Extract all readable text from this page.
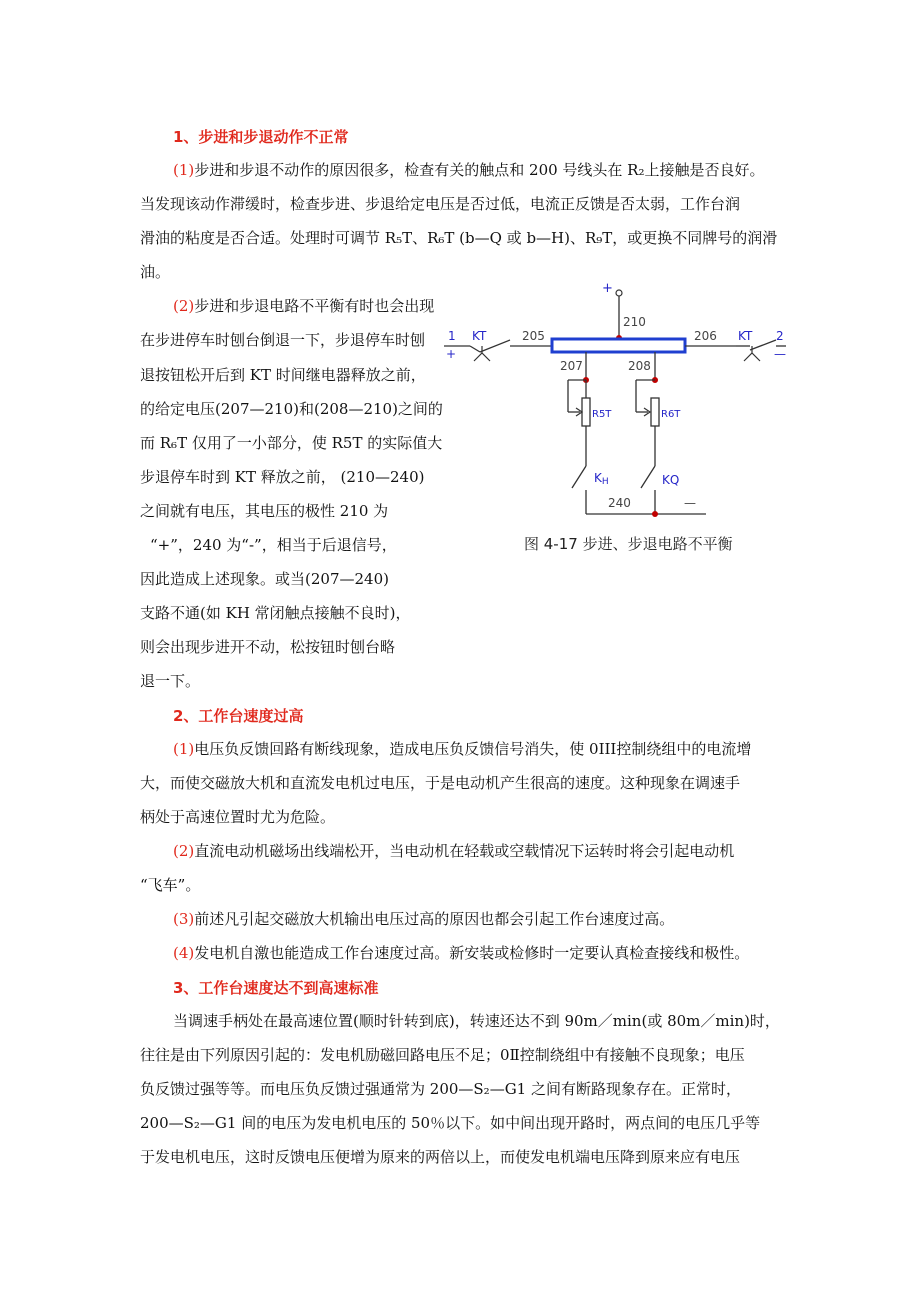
1、步进和步退动作不正常
(1)步进和步退不动作的原因很多，检查有关的触点和 200 号线头在 R₂上接触是否良好。
当发现该动作滞缓时，检查步进、步退给定电压是否过低，电流正反馈是否太弱，工作台润
滑油的粘度是否合适。处理时可调节 R₅T、R₆T (b—Q 或 b—H)、R₉T，或更换不同牌号的润滑
油。
(2)步进和步退电路不平衡有时也会出现
在步进停车时刨台倒退一下，步退停车时刨
退按钮松开后到 KT 时间继电器释放之前，
的给定电压(207—210)和(208—210)之间的
而 R₆T 仅用了一小部分，使 R5T 的实际值大
步退停车时到 KT 释放之前， (210—240)
之间就有电压，其电压的极性 210 为
“+”，240 为“-”，相当于后退信号，
因此造成上述现象。或当(207—240)
支路不通(如 KH 常闭触点接触不良时)，
则会出现步进开不动，松按钮时刨台略
退一下。
+
210
1
+
KT	205	206 KT 2
—
207
R5T
KH
208
R6T
KQ
240	—
图 4-17 步进、步退电路不平衡
2、工作台速度过高
(1)电压负反馈回路有断线现象，造成电压负反馈信号消失，使 0III控制绕组中的电流增
大，而使交磁放大机和直流发电机过电压，于是电动机产生很高的速度。这种现象在调速手
柄处于高速位置时尤为危险。
(2)直流电动机磁场出线端松开，当电动机在轻载或空载情况下运转时将会引起电动机
“飞车”。
(3)前述凡引起交磁放大机输出电压过高的原因也都会引起工作台速度过高。
(4)发电机自激也能造成工作台速度过高。新安装或检修时一定要认真检查接线和极性。
3、工作台速度达不到高速标准
当调速手柄处在最高速位置(顺时针转到底)，转速还达不到 90m／min(或 80m／min)时，
往往是由下列原因引起的：发电机励磁回路电压不足；0Ⅱ控制绕组中有接触不良现象；电压
负反馈过强等等。而电压负反馈过强通常为 200—S₂—G1 之间有断路现象存在。正常时，
200—S₂—G1 间的电压为发电机电压的 50％以下。如中间出现开路时，两点间的电压几乎等
于发电机电压，这时反馈电压便增为原来的两倍以上，而使发电机端电压降到原来应有电压
